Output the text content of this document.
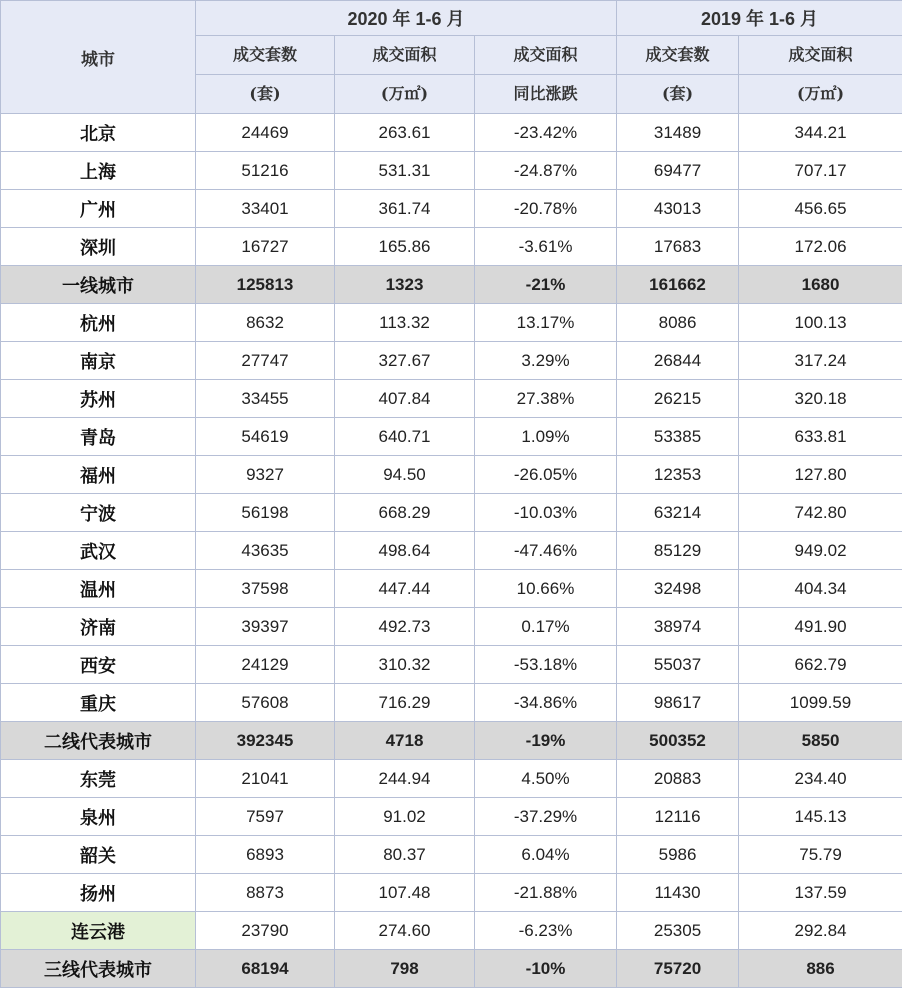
城市	2020 年 1-6 月			2019 年 1-6 月	
	成交套数	成交面积	成交面积	成交套数	成交面积
	(套)	(万㎡)	同比涨跌	(套)	(万㎡)
北京	24469	263.61	-23.42%	31489	344.21
上海	51216	531.31	-24.87%	69477	707.17
广州	33401	361.74	-20.78%	43013	456.65
深圳	16727	165.86	-3.61%	17683	172.06
一线城市	125813	1323	-21%	161662	1680
杭州	8632	113.32	13.17%	8086	100.13
南京	27747	327.67	3.29%	26844	317.24
苏州	33455	407.84	27.38%	26215	320.18
青岛	54619	640.71	1.09%	53385	633.81
福州	9327	94.50	-26.05%	12353	127.80
宁波	56198	668.29	-10.03%	63214	742.80
武汉	43635	498.64	-47.46%	85129	949.02
温州	37598	447.44	10.66%	32498	404.34
济南	39397	492.73	0.17%	38974	491.90
西安	24129	310.32	-53.18%	55037	662.79
重庆	57608	716.29	-34.86%	98617	1099.59
二线代表城市	392345	4718	-19%	500352	5850
东莞	21041	244.94	4.50%	20883	234.40
泉州	7597	91.02	-37.29%	12116	145.13
韶关	6893	80.37	6.04%	5986	75.79
扬州	8873	107.48	-21.88%	11430	137.59
连云港	23790	274.60	-6.23%	25305	292.84
三线代表城市	68194	798	-10%	75720	886
